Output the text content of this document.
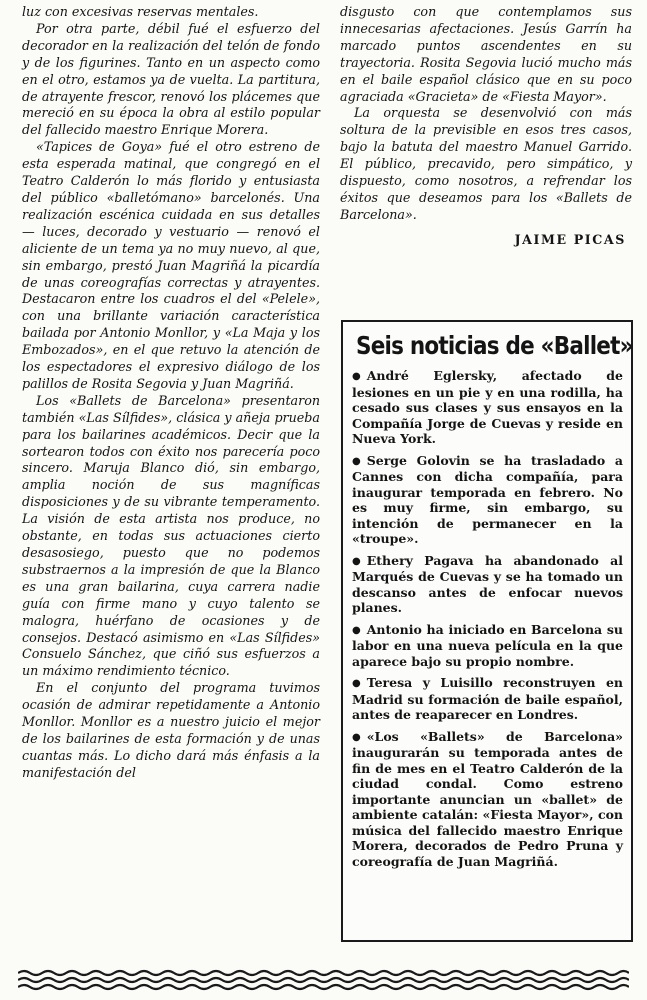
luz con excesivas reservas mentales.

Por otra parte, débil fué el esfuerzo del decorador en la realización del telón de fondo y de los figurines. Tanto en un aspecto como en el otro, estamos ya de vuelta. La partitura, de atrayente frescor, renovó los plácemes que mereció en su época la obra al estilo popular del fallecido maestro Enrique Morera.

«Tapices de Goya» fué el otro estreno de esta esperada matinal, que congregó en el Teatro Calderón lo más florido y entusiasta del público «balletómano» barcelonés. Una realización escénica cuidada en sus detalles — luces, decorado y vestuario — renovó el aliciente de un tema ya no muy nuevo, al que, sin embargo, prestó Juan Magriñá la picardía de unas coreografías correctas y atrayentes. Destacaron entre los cuadros el del «Pelele», con una brillante variación característica bailada por Antonio Monllor, y «La Maja y los Embozados», en el que retuvo la atención de los espectadores el expresivo diálogo de los palillos de Rosita Segovia y Juan Magriñá.

Los «Ballets de Barcelona» presentaron también «Las Sílfides», clásica y añeja prueba para los bailarines académicos. Decir que la sortearon todos con éxito nos parecería poco sincero. Maruja Blanco dió, sin embargo, amplia noción de sus magníficas disposiciones y de su vibrante temperamento. La visión de esta artista nos produce, no obstante, en todas sus actuaciones cierto desasosiego, puesto que no podemos substraernos a la impresión de que la Blanco es una gran bailarina, cuya carrera nadie guía con firme mano y cuyo talento se malogra, huérfano de ocasiones y de consejos. Destacó asimismo en «Las Sílfides» Consuelo Sánchez, que ciñó sus esfuerzos a un máximo rendimiento técnico.

En el conjunto del programa tuvimos ocasión de admirar repetidamente a Antonio Monllor. Monllor es a nuestro juicio el mejor de los bailarines de esta formación y de unas cuantas más. Lo dicho dará más énfasis a la manifestación del

disgusto con que contemplamos sus innecesarias afectaciones. Jesús Garrín ha marcado puntos ascendentes en su trayectoria. Rosita Segovia lució mucho más en el baile español clásico que en su poco agraciada «Gracieta» de «Fiesta Mayor».

La orquesta se desenvolvió con más soltura de la previsible en esos tres casos, bajo la batuta del maestro Manuel Garrido. El público, precavido, pero simpático, y dispuesto, como nosotros, a refrendar los éxitos que deseamos para los «Ballets de Barcelona».

JAIME PICAS
Seis noticias de «Ballet»
● André Eglersky, afectado de lesiones en un pie y en una rodilla, ha cesado sus clases y sus ensayos en la Compañía Jorge de Cuevas y reside en Nueva York.
● Serge Golovin se ha trasladado a Cannes con dicha compañía, para inaugurar temporada en febrero. No es muy firme, sin embargo, su intención de permanecer en la «troupe».
● Ethery Pagava ha abandonado al Marqués de Cuevas y se ha tomado un descanso antes de enfocar nuevos planes.
● Antonio ha iniciado en Barcelona su labor en una nueva película en la que aparece bajo su propio nombre.
● Teresa y Luisillo reconstruyen en Madrid su formación de baile español, antes de reaparecer en Londres.
● «Los «Ballets» de Barcelona» inaugurarán su temporada antes de fin de mes en el Teatro Calderón de la ciudad condal. Como estreno importante anuncian un «ballet» de ambiente catalán: «Fiesta Mayor», con música del fallecido maestro Enrique Morera, decorados de Pedro Pruna y coreografía de Juan Magriñá.
